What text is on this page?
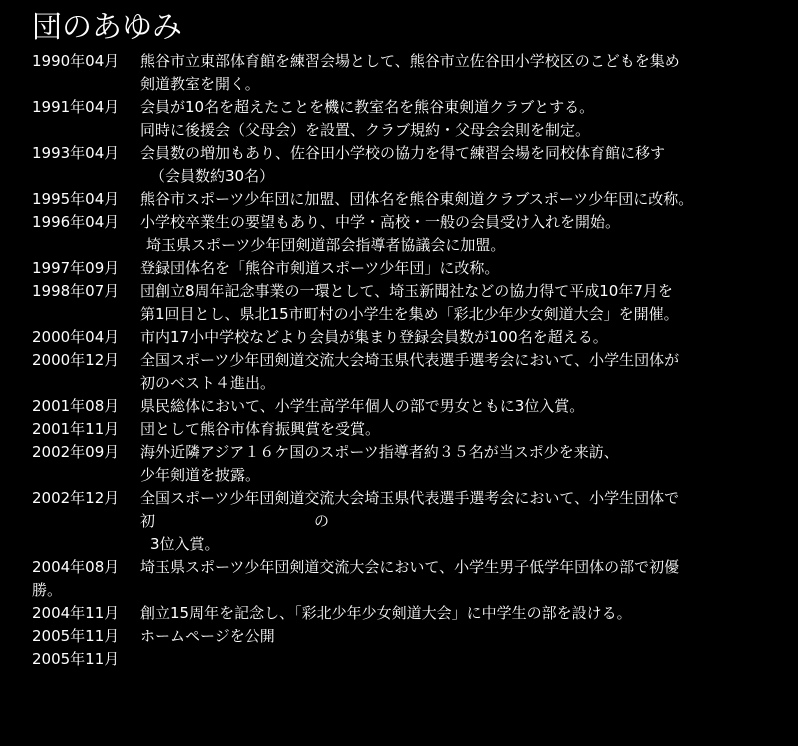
団のあゆみ
1990年04月 熊谷市立東部体育館を練習会場として、熊谷市立佐谷田小学校区のこどもを集め
剣道教室を開く。
1991年04月 会員が10名を超えたことを機に教室名を熊谷東剣道クラブとする。
同時に後援会（父母会）を設置、クラブ規約・父母会会則を制定。
1993年04月 会員数の増加もあり、佐谷田小学校の協力を得て練習会場を同校体育館に移す
（会員数約30名）
1995年04月 熊谷市スポーツ少年団に加盟、団体名を熊谷東剣道クラブスポーツ少年団に改称。
1996年04月 小学校卒業生の要望もあり、中学・高校・一般の会員受け入れを開始。
埼玉県スポーツ少年団剣道部会指導者協議会に加盟。
1997年09月 登録団体名を「熊谷市剣道スポーツ少年団」に改称。
1998年07月 団創立8周年記念事業の一環として、埼玉新聞社などの協力得て平成10年7月を
第1回目とし、県北15市町村の小学生を集め「彩北少年少女剣道大会」を開催。
2000年04月 市内17小中学校などより会員が集まり登録会員数が100名を超える。
2000年12月 全国スポーツ少年団剣道交流大会埼玉県代表選手選考会において、小学生団体が
初のベスト４進出。
2001年08月 県民総体において、小学生高学年個人の部で男女ともに3位入賞。
2001年11月 団として熊谷市体育振興賞を受賞。
2002年09月 海外近隣アジア１６ケ国のスポーツ指導者約３５名が当スポ少を来訪、
少年剣道を披露。
2002年12月 全国スポーツ少年団剣道交流大会埼玉県代表選手選考会において、小学生団体で
初	の
3位入賞。
2004年08月 埼玉県スポーツ少年団剣道交流大会において、小学生男子低学年団体の部で初優
勝。
2004年11月 創立15周年を記念し、「彩北少年少女剣道大会」に中学生の部を設ける。
2005年11月 ホームページを公開
2005年11月
